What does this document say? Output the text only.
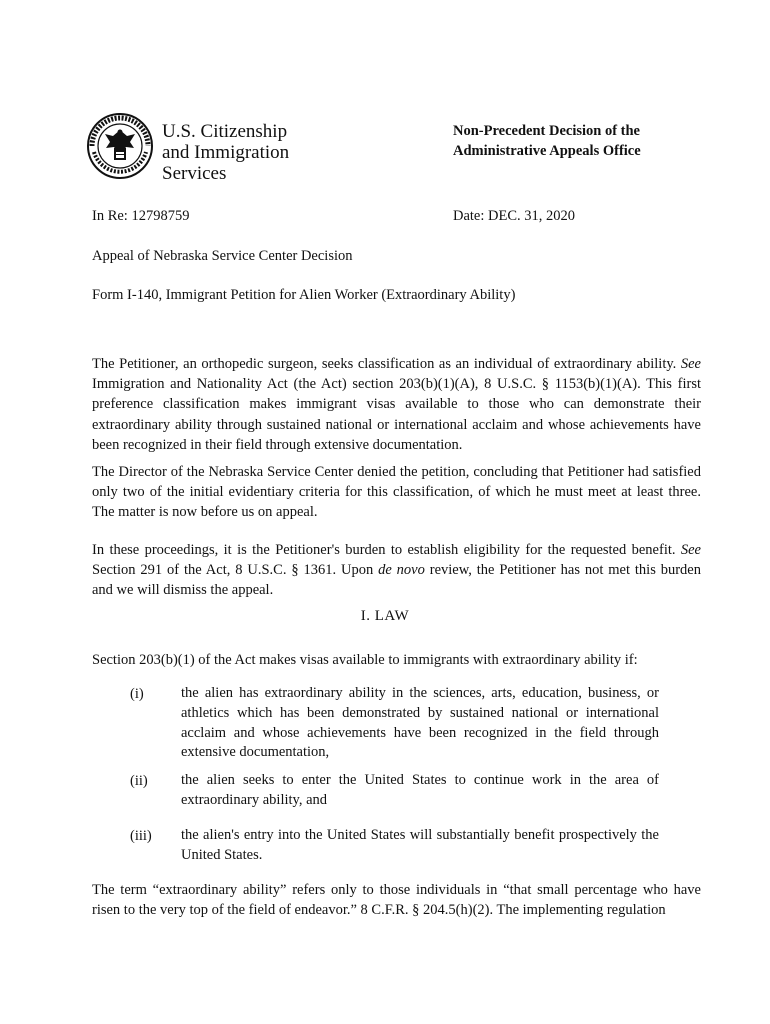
U.S. Citizenship
and Immigration
Services
Non-Precedent Decision of the
Administrative Appeals Office
In Re: 12798759	Date: DEC. 31, 2020
Appeal of Nebraska Service Center Decision
Form I-140, Immigrant Petition for Alien Worker (Extraordinary Ability)
The Petitioner, an orthopedic surgeon, seeks classification as an individual of extraordinary ability. See Immigration and Nationality Act (the Act) section 203(b)(1)(A), 8 U.S.C. § 1153(b)(1)(A). This first preference classification makes immigrant visas available to those who can demonstrate their extraordinary ability through sustained national or international acclaim and whose achievements have been recognized in their field through extensive documentation.
The Director of the Nebraska Service Center denied the petition, concluding that Petitioner had satisfied only two of the initial evidentiary criteria for this classification, of which he must meet at least three. The matter is now before us on appeal.
In these proceedings, it is the Petitioner's burden to establish eligibility for the requested benefit. See Section 291 of the Act, 8 U.S.C. § 1361. Upon de novo review, the Petitioner has not met this burden and we will dismiss the appeal.
I. LAW
Section 203(b)(1) of the Act makes visas available to immigrants with extraordinary ability if:
(i)	the alien has extraordinary ability in the sciences, arts, education, business, or athletics which has been demonstrated by sustained national or international acclaim and whose achievements have been recognized in the field through extensive documentation,
(ii) the alien seeks to enter the United States to continue work in the area of extraordinary ability, and
(iii) the alien's entry into the United States will substantially benefit prospectively the United States.
The term “extraordinary ability” refers only to those individuals in “that small percentage who have risen to the very top of the field of endeavor.” 8 C.F.R. § 204.5(h)(2). The implementing regulation
